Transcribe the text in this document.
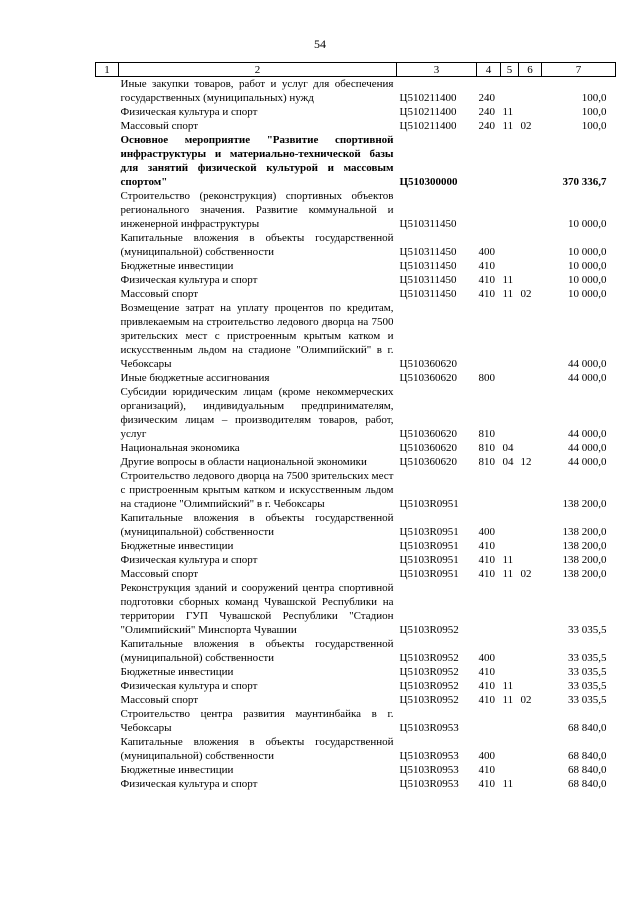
54
1	2	3	4	5	6	7
	Иные закупки товаров, работ и услуг для обеспечения государственных (муниципальных) нужд	Ц510211400	240			100,0
	Физическая культура и спорт	Ц510211400	240	11		100,0
	Массовый спорт	Ц510211400	240	11	02	100,0
	Основное мероприятие "Развитие спортивной инфраструктуры и материально-технической базы для занятий физической культурой и массовым спортом"	Ц510300000				370 336,7
	Строительство (реконструкция) спортивных объектов регионального значения. Развитие коммунальной и инженерной инфраструктуры	Ц510311450				10 000,0
	Капитальные вложения в объекты государственной (муниципальной) собственности	Ц510311450	400			10 000,0
	Бюджетные инвестиции	Ц510311450	410			10 000,0
	Физическая культура и спорт	Ц510311450	410	11		10 000,0
	Массовый спорт	Ц510311450	410	11	02	10 000,0
	Возмещение затрат на уплату процентов по кредитам, привлекаемым на строительство ледового дворца на 7500 зрительских мест с пристроенным крытым катком и искусственным льдом на стадионе "Олимпийский" в г. Чебоксары	Ц510360620				44 000,0
	Иные бюджетные ассигнования	Ц510360620	800			44 000,0
	Субсидии юридическим лицам (кроме некоммерческих организаций), индивидуальным предпринимателям, физическим лицам – производителям товаров, работ, услуг	Ц510360620	810			44 000,0
	Национальная экономика	Ц510360620	810	04		44 000,0
	Другие вопросы в области национальной экономики	Ц510360620	810	04	12	44 000,0
	Строительство ледового дворца на 7500 зрительских мест с пристроенным крытым катком и искусственным льдом на стадионе "Олимпийский" в г. Чебоксары	Ц5103R0951				138 200,0
	Капитальные вложения в объекты государственной (муниципальной) собственности	Ц5103R0951	400			138 200,0
	Бюджетные инвестиции	Ц5103R0951	410			138 200,0
	Физическая культура и спорт	Ц5103R0951	410	11		138 200,0
	Массовый спорт	Ц5103R0951	410	11	02	138 200,0
	Реконструкция зданий и сооружений центра спортивной подготовки сборных команд Чувашской Республики на территории ГУП Чувашской Республики "Стадион "Олимпийский" Минспорта Чувашии	Ц5103R0952				33 035,5
	Капитальные вложения в объекты государственной (муниципальной) собственности	Ц5103R0952	400			33 035,5
	Бюджетные инвестиции	Ц5103R0952	410			33 035,5
	Физическая культура и спорт	Ц5103R0952	410	11		33 035,5
	Массовый спорт	Ц5103R0952	410	11	02	33 035,5
	Строительство центра развития маунтинбайка в г. Чебоксары	Ц5103R0953				68 840,0
	Капитальные вложения в объекты государственной (муниципальной) собственности	Ц5103R0953	400			68 840,0
	Бюджетные инвестиции	Ц5103R0953	410			68 840,0
	Физическая культура и спорт	Ц5103R0953	410	11		68 840,0
